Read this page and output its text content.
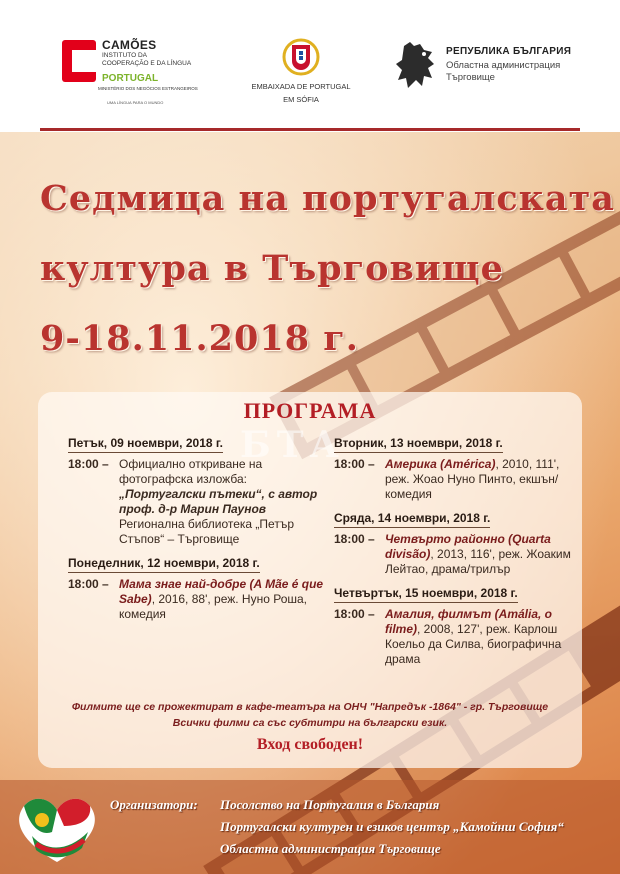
CAMÕES
INSTITUTO DA COOPERAÇÃO E DA LÍNGUA
PORTUGAL
MINISTÉRIO DOS NEGÓCIOS ESTRANGEIROS
UMA LÍNGUA PARA O MUNDO
EMBAIXADA DE PORTUGAL
EM SÓFIA
РЕПУБЛИКА БЪЛГАРИЯ
Областна администрация
Търговище
Седмица на португалската
култура в Търговище
9-18.11.2018 г.
ПРОГРАМА
БТА
Петък, 09 ноември, 2018 г.
18:00 – Официално откриване на фотографска изложба: „Португалски пътеки“, с автор проф. д-р Марин Паунов
Регионална библиотека „Петър Стъпов“ – Търговище
Понеделник, 12 ноември, 2018 г.
18:00 – Мама знае най-добре (A Mãe é que Sabe), 2016, 88', реж. Нуно Роша, комедия
Вторник, 13 ноември, 2018 г.
18:00 – Америка (América), 2010, 111', реж. Жоао Нуно Пинто, екшън/комедия
Сряда, 14 ноември, 2018 г.
18:00 – Четвърто районно (Quarta divisão), 2013, 116', реж. Жоаким Лейтао, драма/трилър
Четвъртък, 15 ноември, 2018 г.
18:00 – Амалия, филмът (Amália, o filme), 2008, 127', реж. Карлош Коельо да Силва, биографична драма
Филмите ще се прожектират в кафе-театъра на ОНЧ "Напредък -1864" - гр. Търговище
Всички филми са със субтитри на български език.
Вход свободен!
Организатори: Посолство на Португалия в България
Португалски културен и езиков център „Камойнш София“
Областна администрация Търговище
